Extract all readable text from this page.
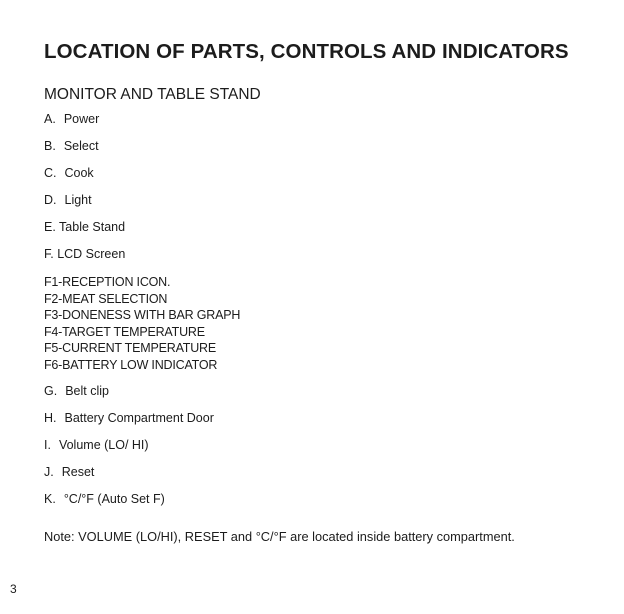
LOCATION OF PARTS, CONTROLS AND INDICATORS
MONITOR AND TABLE STAND
A. Power
B. Select
C. Cook
D. Light
E. Table Stand
F. LCD Screen
F1-RECEPTION ICON.
F2-MEAT SELECTION
F3-DONENESS WITH BAR GRAPH
F4-TARGET TEMPERATURE
F5-CURRENT TEMPERATURE
F6-BATTERY LOW INDICATOR
G. Belt clip
H. Battery Compartment Door
I. Volume (LO/ HI)
J. Reset
K. °C/°F (Auto Set F)
Note: VOLUME (LO/HI), RESET and °C/°F are located inside battery compartment.
3
